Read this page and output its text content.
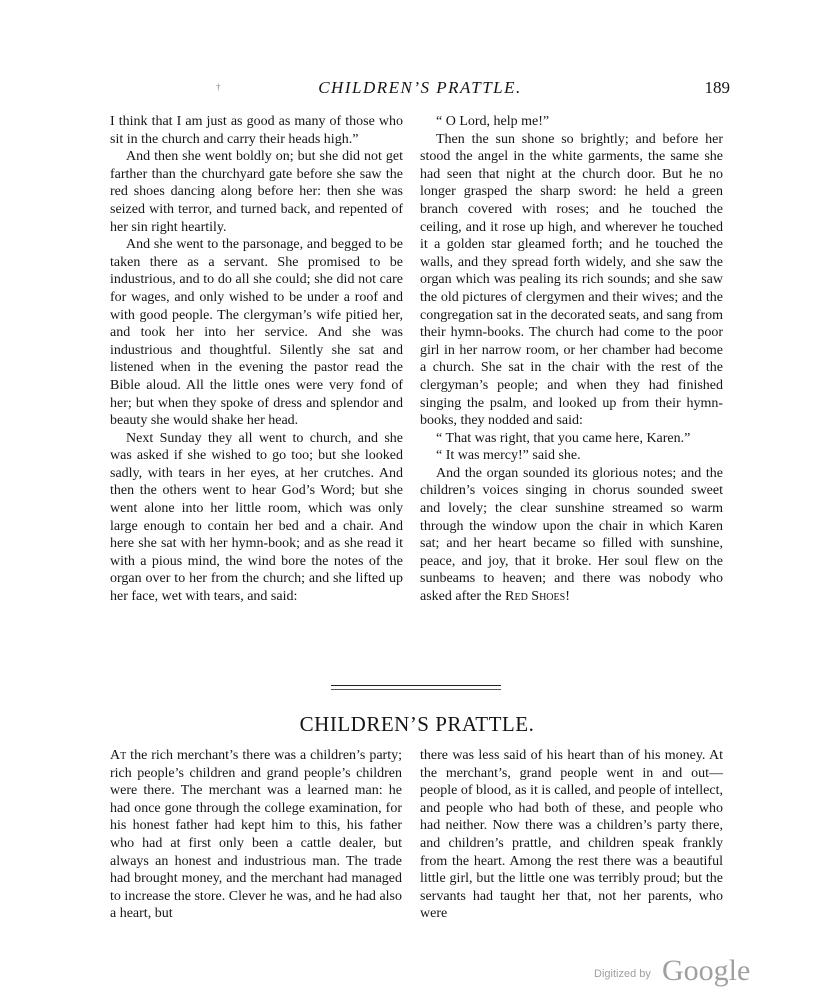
†	CHILDREN’S PRATTLE.	189

I think that I am just as good as many of those who sit in the church and carry their heads high.”

And then she went boldly on; but she did not get farther than the churchyard gate before she saw the red shoes dancing along before her: then she was seized with terror, and turned back, and repented of her sin right heartily.

And she went to the parsonage, and begged to be taken there as a servant. She promised to be industrious, and to do all she could; she did not care for wages, and only wished to be under a roof and with good people. The clergyman’s wife pitied her, and took her into her service. And she was industrious and thoughtful. Silently she sat and listened when in the evening the pastor read the Bible aloud. All the little ones were very fond of her; but when they spoke of dress and splendor and beauty she would shake her head.

Next Sunday they all went to church, and she was asked if she wished to go too; but she looked sadly, with tears in her eyes, at her crutches. And then the others went to hear God’s Word; but she went alone into her little room, which was only large enough to contain her bed and a chair. And here she sat with her hymn-book; and as she read it with a pious mind, the wind bore the notes of the organ over to her from the church; and she lifted up her face, wet with tears, and said:

“ O Lord, help me!”

Then the sun shone so brightly; and before her stood the angel in the white garments, the same she had seen that night at the church door. But he no longer grasped the sharp sword: he held a green branch covered with roses; and he touched the ceiling, and it rose up high, and wherever he touched it a golden star gleamed forth; and he touched the walls, and they spread forth widely, and she saw the organ which was pealing its rich sounds; and she saw the old pictures of clergymen and their wives; and the congregation sat in the decorated seats, and sang from their hymn-books. The church had come to the poor girl in her narrow room, or her chamber had become a church. She sat in the chair with the rest of the clergyman’s people; and when they had finished singing the psalm, and looked up from their hymn-books, they nodded and said:

“ That was right, that you came here, Karen.”

“ It was mercy!” said she.

And the organ sounded its glorious notes; and the children’s voices singing in chorus sounded sweet and lovely; the clear sunshine streamed so warm through the window upon the chair in which Karen sat; and her heart became so filled with sunshine, peace, and joy, that it broke. Her soul flew on the sunbeams to heaven; and there was nobody who asked after the Red Shoes!

CHILDREN’S PRATTLE.

At the rich merchant’s there was a children’s party; rich people’s children and grand people’s children were there. The merchant was a learned man: he had once gone through the college examination, for his honest father had kept him to this, his father who had at first only been a cattle dealer, but always an honest and industrious man. The trade had brought money, and the merchant had managed to increase the store. Clever he was, and he had also a heart, but

there was less said of his heart than of his money. At the merchant’s, grand people went in and out—people of blood, as it is called, and people of intellect, and people who had both of these, and people who had neither. Now there was a children’s party there, and children’s prattle, and children speak frankly from the heart. Among the rest there was a beautiful little girl, but the little one was terribly proud; but the servants had taught her that, not her parents, who were

Digitized by Google
